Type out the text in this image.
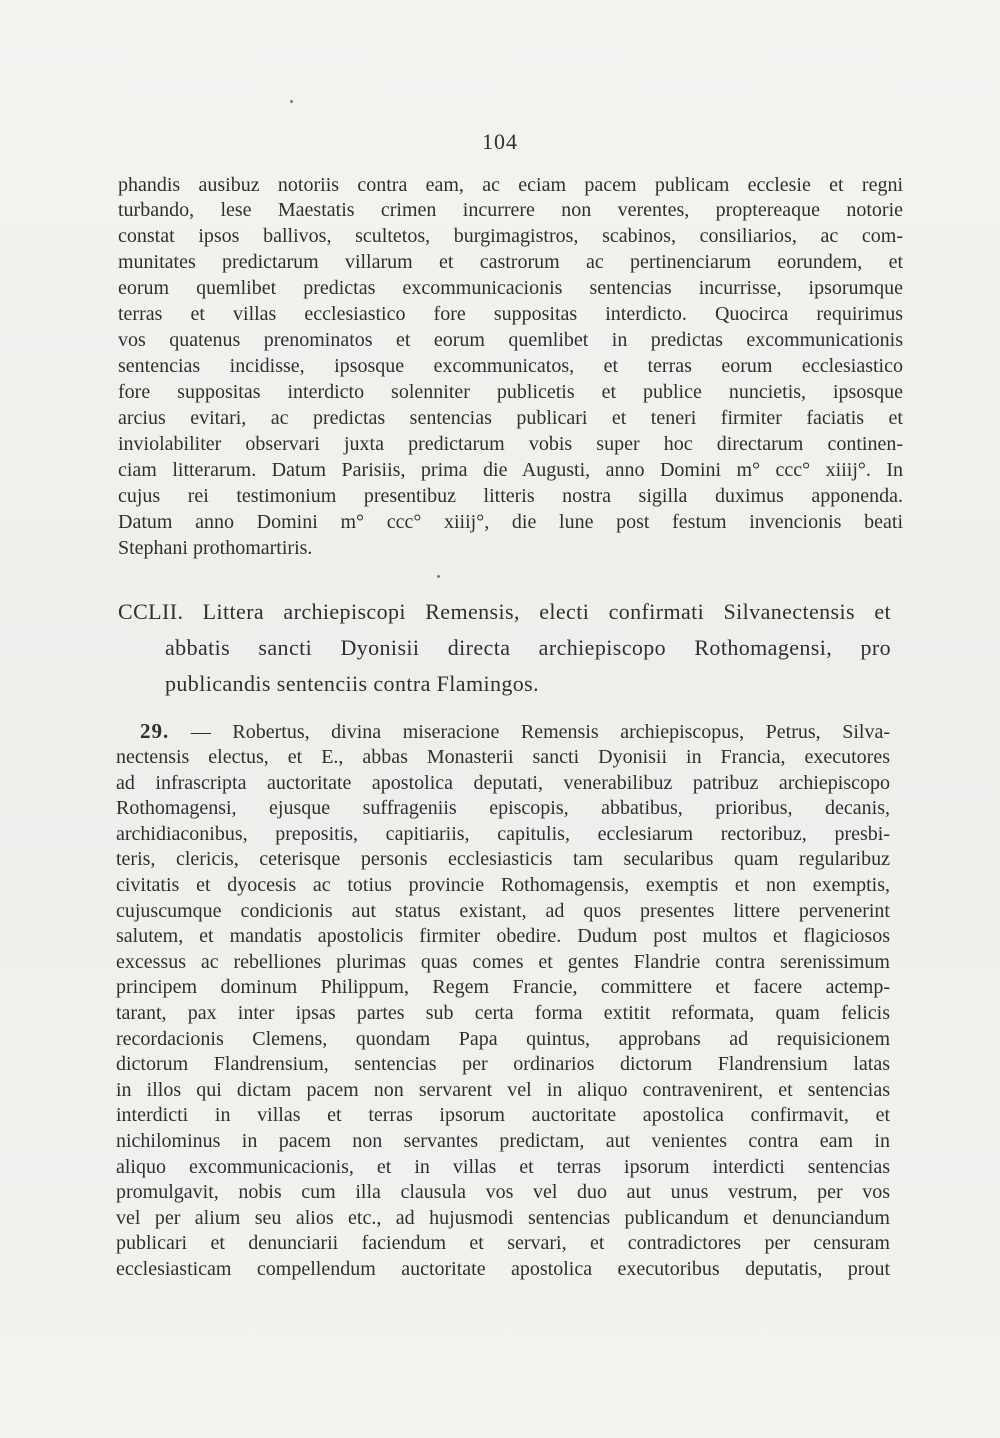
104
phandis ausibuz notoriis contra eam, ac eciam pacem publicam ecclesie et regni
turbando, lese Maestatis crimen incurrere non verentes, proptereaque notorie
constat ipsos ballivos, scultetos, burgimagistros, scabinos, consiliarios, ac com-
munitates predictarum villarum et castrorum ac pertinenciarum eorundem, et
eorum quemlibet predictas excommunicacionis sentencias incurrisse, ipsorumque
terras et villas ecclesiastico fore suppositas interdicto. Quocirca requirimus
vos quatenus prenominatos et eorum quemlibet in predictas excommunicationis
sentencias incidisse, ipsosque excommunicatos, et terras eorum ecclesiastico
fore suppositas interdicto solenniter publicetis et publice nuncietis, ipsosque
arcius evitari, ac predictas sentencias publicari et teneri firmiter faciatis et
inviolabiliter observari juxta predictarum vobis super hoc directarum continen-
ciam litterarum. Datum Parisiis, prima die Augusti, anno Domini m° ccc° xiiij°. In
cujus rei testimonium presentibuz litteris nostra sigilla duximus apponenda.
Datum anno Domini m° ccc° xiiij°, die lune post festum invencionis beati
Stephani prothomartiris.
CCLII. Littera archiepiscopi Remensis, electi confirmati Silvanectensis et
abbatis sancti Dyonisii directa archiepiscopo Rothomagensi, pro
publicandis sentenciis contra Flamingos.
29. — Robertus, divina miseracione Remensis archiepiscopus, Petrus, Silva-
nectensis electus, et E., abbas Monasterii sancti Dyonisii in Francia, executores
ad infrascripta auctoritate apostolica deputati, venerabilibuz patribuz archiepiscopo
Rothomagensi, ejusque suffrageniis episcopis, abbatibus, prioribus, decanis,
archidiaconibus, prepositis, capitiariis, capitulis, ecclesiarum rectoribuz, presbi-
teris, clericis, ceterisque personis ecclesiasticis tam secularibus quam regularibuz
civitatis et dyocesis ac totius provincie Rothomagensis, exemptis et non exemptis,
cujuscumque condicionis aut status existant, ad quos presentes littere pervenerint
salutem, et mandatis apostolicis firmiter obedire. Dudum post multos et flagiciosos
excessus ac rebelliones plurimas quas comes et gentes Flandrie contra serenissimum
principem dominum Philippum, Regem Francie, committere et facere actemp-
tarant, pax inter ipsas partes sub certa forma extitit reformata, quam felicis
recordacionis Clemens, quondam Papa quintus, approbans ad requisicionem
dictorum Flandrensium, sentencias per ordinarios dictorum Flandrensium latas
in illos qui dictam pacem non servarent vel in aliquo contravenirent, et sentencias
interdicti in villas et terras ipsorum auctoritate apostolica confirmavit, et
nichilominus in pacem non servantes predictam, aut venientes contra eam in
aliquo excommunicacionis, et in villas et terras ipsorum interdicti sentencias
promulgavit, nobis cum illa clausula vos vel duo aut unus vestrum, per vos
vel per alium seu alios etc., ad hujusmodi sentencias publicandum et denunciandum
publicari et denunciarii faciendum et servari, et contradictores per censuram
ecclesiasticam compellendum auctoritate apostolica executoribus deputatis, prout
